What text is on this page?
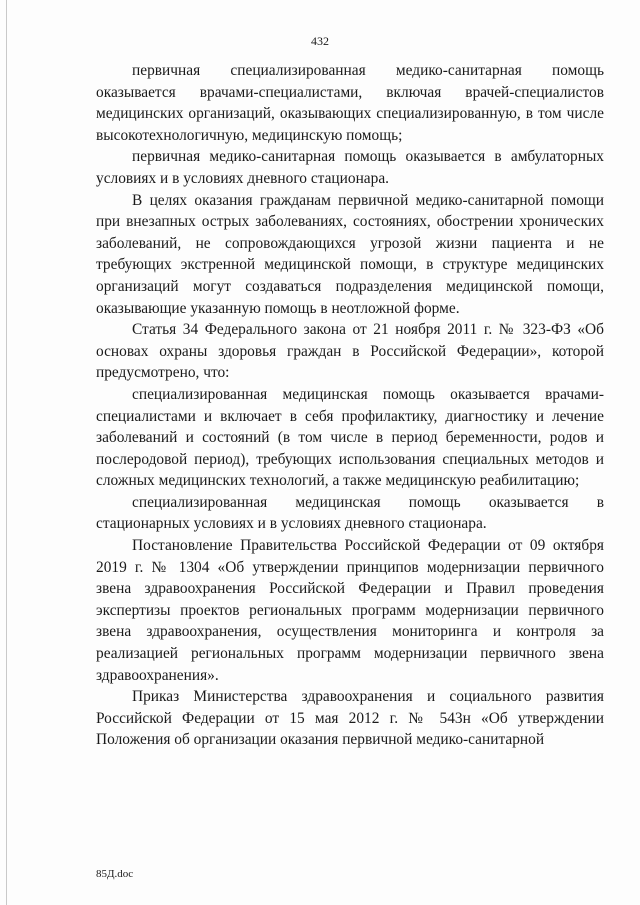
432

первичная специализированная медико-санитарная помощь оказывается врачами-специалистами, включая врачей-специалистов медицинских организаций, оказывающих специализированную, в том числе высокотехнологичную, медицинскую помощь;

первичная медико-санитарная помощь оказывается в амбулаторных условиях и в условиях дневного стационара.

В целях оказания гражданам первичной медико-санитарной помощи при внезапных острых заболеваниях, состояниях, обострении хронических заболеваний, не сопровождающихся угрозой жизни пациента и не требующих экстренной медицинской помощи, в структуре медицинских организаций могут создаваться подразделения медицинской помощи, оказывающие указанную помощь в неотложной форме.

Статья 34 Федерального закона от 21 ноября 2011 г. № 323-ФЗ «Об основах охраны здоровья граждан в Российской Федерации», которой предусмотрено, что:

специализированная медицинская помощь оказывается врачами-специалистами и включает в себя профилактику, диагностику и лечение заболеваний и состояний (в том числе в период беременности, родов и послеродовой период), требующих использования специальных методов и сложных медицинских технологий, а также медицинскую реабилитацию;

специализированная медицинская помощь оказывается в стационарных условиях и в условиях дневного стационара.

Постановление Правительства Российской Федерации от 09 октября 2019 г. № 1304 «Об утверждении принципов модернизации первичного звена здравоохранения Российской Федерации и Правил проведения экспертизы проектов региональных программ модернизации первичного звена здравоохранения, осуществления мониторинга и контроля за реализацией региональных программ модернизации первичного звена здравоохранения».

Приказ Министерства здравоохранения и социального развития Российской Федерации от 15 мая 2012 г. № 543н «Об утверждении Положения об организации оказания первичной медико-санитарной

85Д.doc
